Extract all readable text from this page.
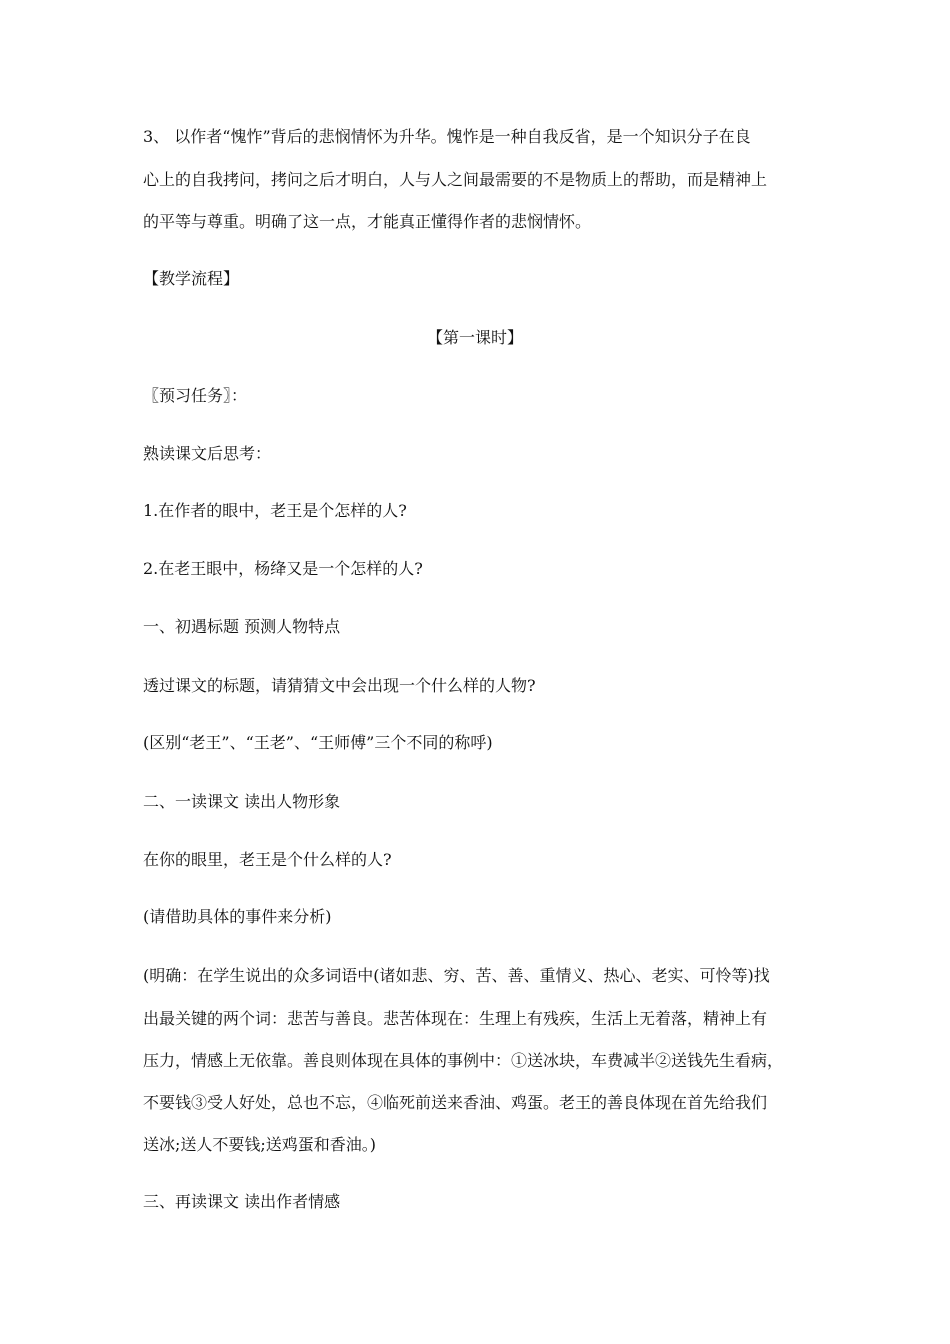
3、 以作者“愧怍”背后的悲悯情怀为升华。愧怍是一种自我反省，是一个知识分子在良
心上的自我拷问，拷问之后才明白，人与人之间最需要的不是物质上的帮助，而是精神上
的平等与尊重。明确了这一点，才能真正懂得作者的悲悯情怀。
【教学流程】
【第一课时】
〖预习任务〗：
熟读课文后思考：
1.在作者的眼中，老王是个怎样的人?
2.在老王眼中，杨绛又是一个怎样的人?
一、初遇标题 预测人物特点
透过课文的标题，请猜猜文中会出现一个什么样的人物?
(区别“老王”、“王老”、“王师傅”三个不同的称呼)
二、一读课文 读出人物形象
在你的眼里，老王是个什么样的人?
(请借助具体的事件来分析)
(明确：在学生说出的众多词语中(诸如悲、穷、苦、善、重情义、热心、老实、可怜等)找
出最关键的两个词：悲苦与善良。悲苦体现在：生理上有残疾，生活上无着落，精神上有
压力，情感上无依靠。善良则体现在具体的事例中：①送冰块，车费减半②送钱先生看病，
不要钱③受人好处，总也不忘，④临死前送来香油、鸡蛋。老王的善良体现在首先给我们
送冰;送人不要钱;送鸡蛋和香油。)
三、再读课文 读出作者情感
